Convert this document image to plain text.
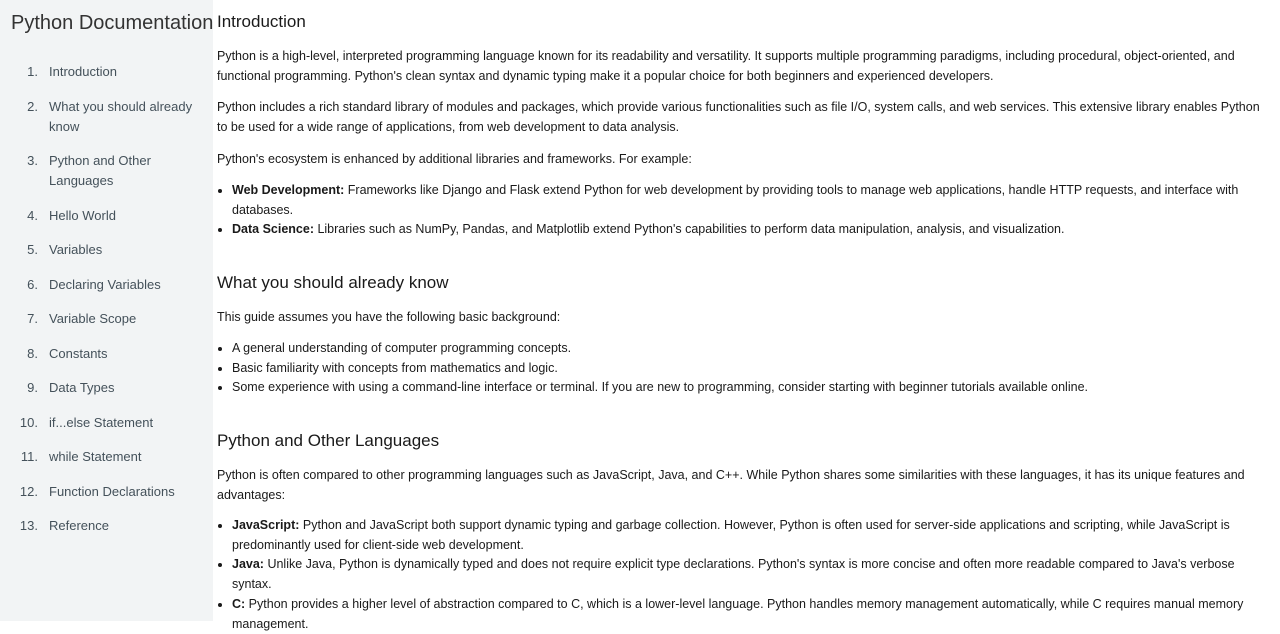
Python Documentation
1. Introduction
2. What you should already know
3. Python and Other Languages
4. Hello World
5. Variables
6. Declaring Variables
7. Variable Scope
8. Constants
9. Data Types
10. if...else Statement
11. while Statement
12. Function Declarations
13. Reference
Introduction

Python is a high-level, interpreted programming language known for its readability and versatility. It supports multiple programming paradigms, including procedural, object-oriented, and functional programming. Python's clean syntax and dynamic typing make it a popular choice for both beginners and experienced developers.

Python includes a rich standard library of modules and packages, which provide various functionalities such as file I/O, system calls, and web services. This extensive library enables Python to be used for a wide range of applications, from web development to data analysis.

Python's ecosystem is enhanced by additional libraries and frameworks. For example:

• Web Development: Frameworks like Django and Flask extend Python for web development by providing tools to manage web applications, handle HTTP requests, and interface with databases.
• Data Science: Libraries such as NumPy, Pandas, and Matplotlib extend Python's capabilities to perform data manipulation, analysis, and visualization.
What you should already know

This guide assumes you have the following basic background:

• A general understanding of computer programming concepts.
• Basic familiarity with concepts from mathematics and logic.
• Some experience with using a command-line interface or terminal. If you are new to programming, consider starting with beginner tutorials available online.
Python and Other Languages

Python is often compared to other programming languages such as JavaScript, Java, and C++. While Python shares some similarities with these languages, it has its unique features and advantages:

• JavaScript: Python and JavaScript both support dynamic typing and garbage collection. However, Python is often used for server-side applications and scripting, while JavaScript is predominantly used for client-side web development.
• Java: Unlike Java, Python is dynamically typed and does not require explicit type declarations. Python's syntax is more concise and often more readable compared to Java's verbose syntax.
• C: Python provides a higher level of abstraction compared to C, which is a lower-level language. Python handles memory management automatically, while C requires manual memory management.
